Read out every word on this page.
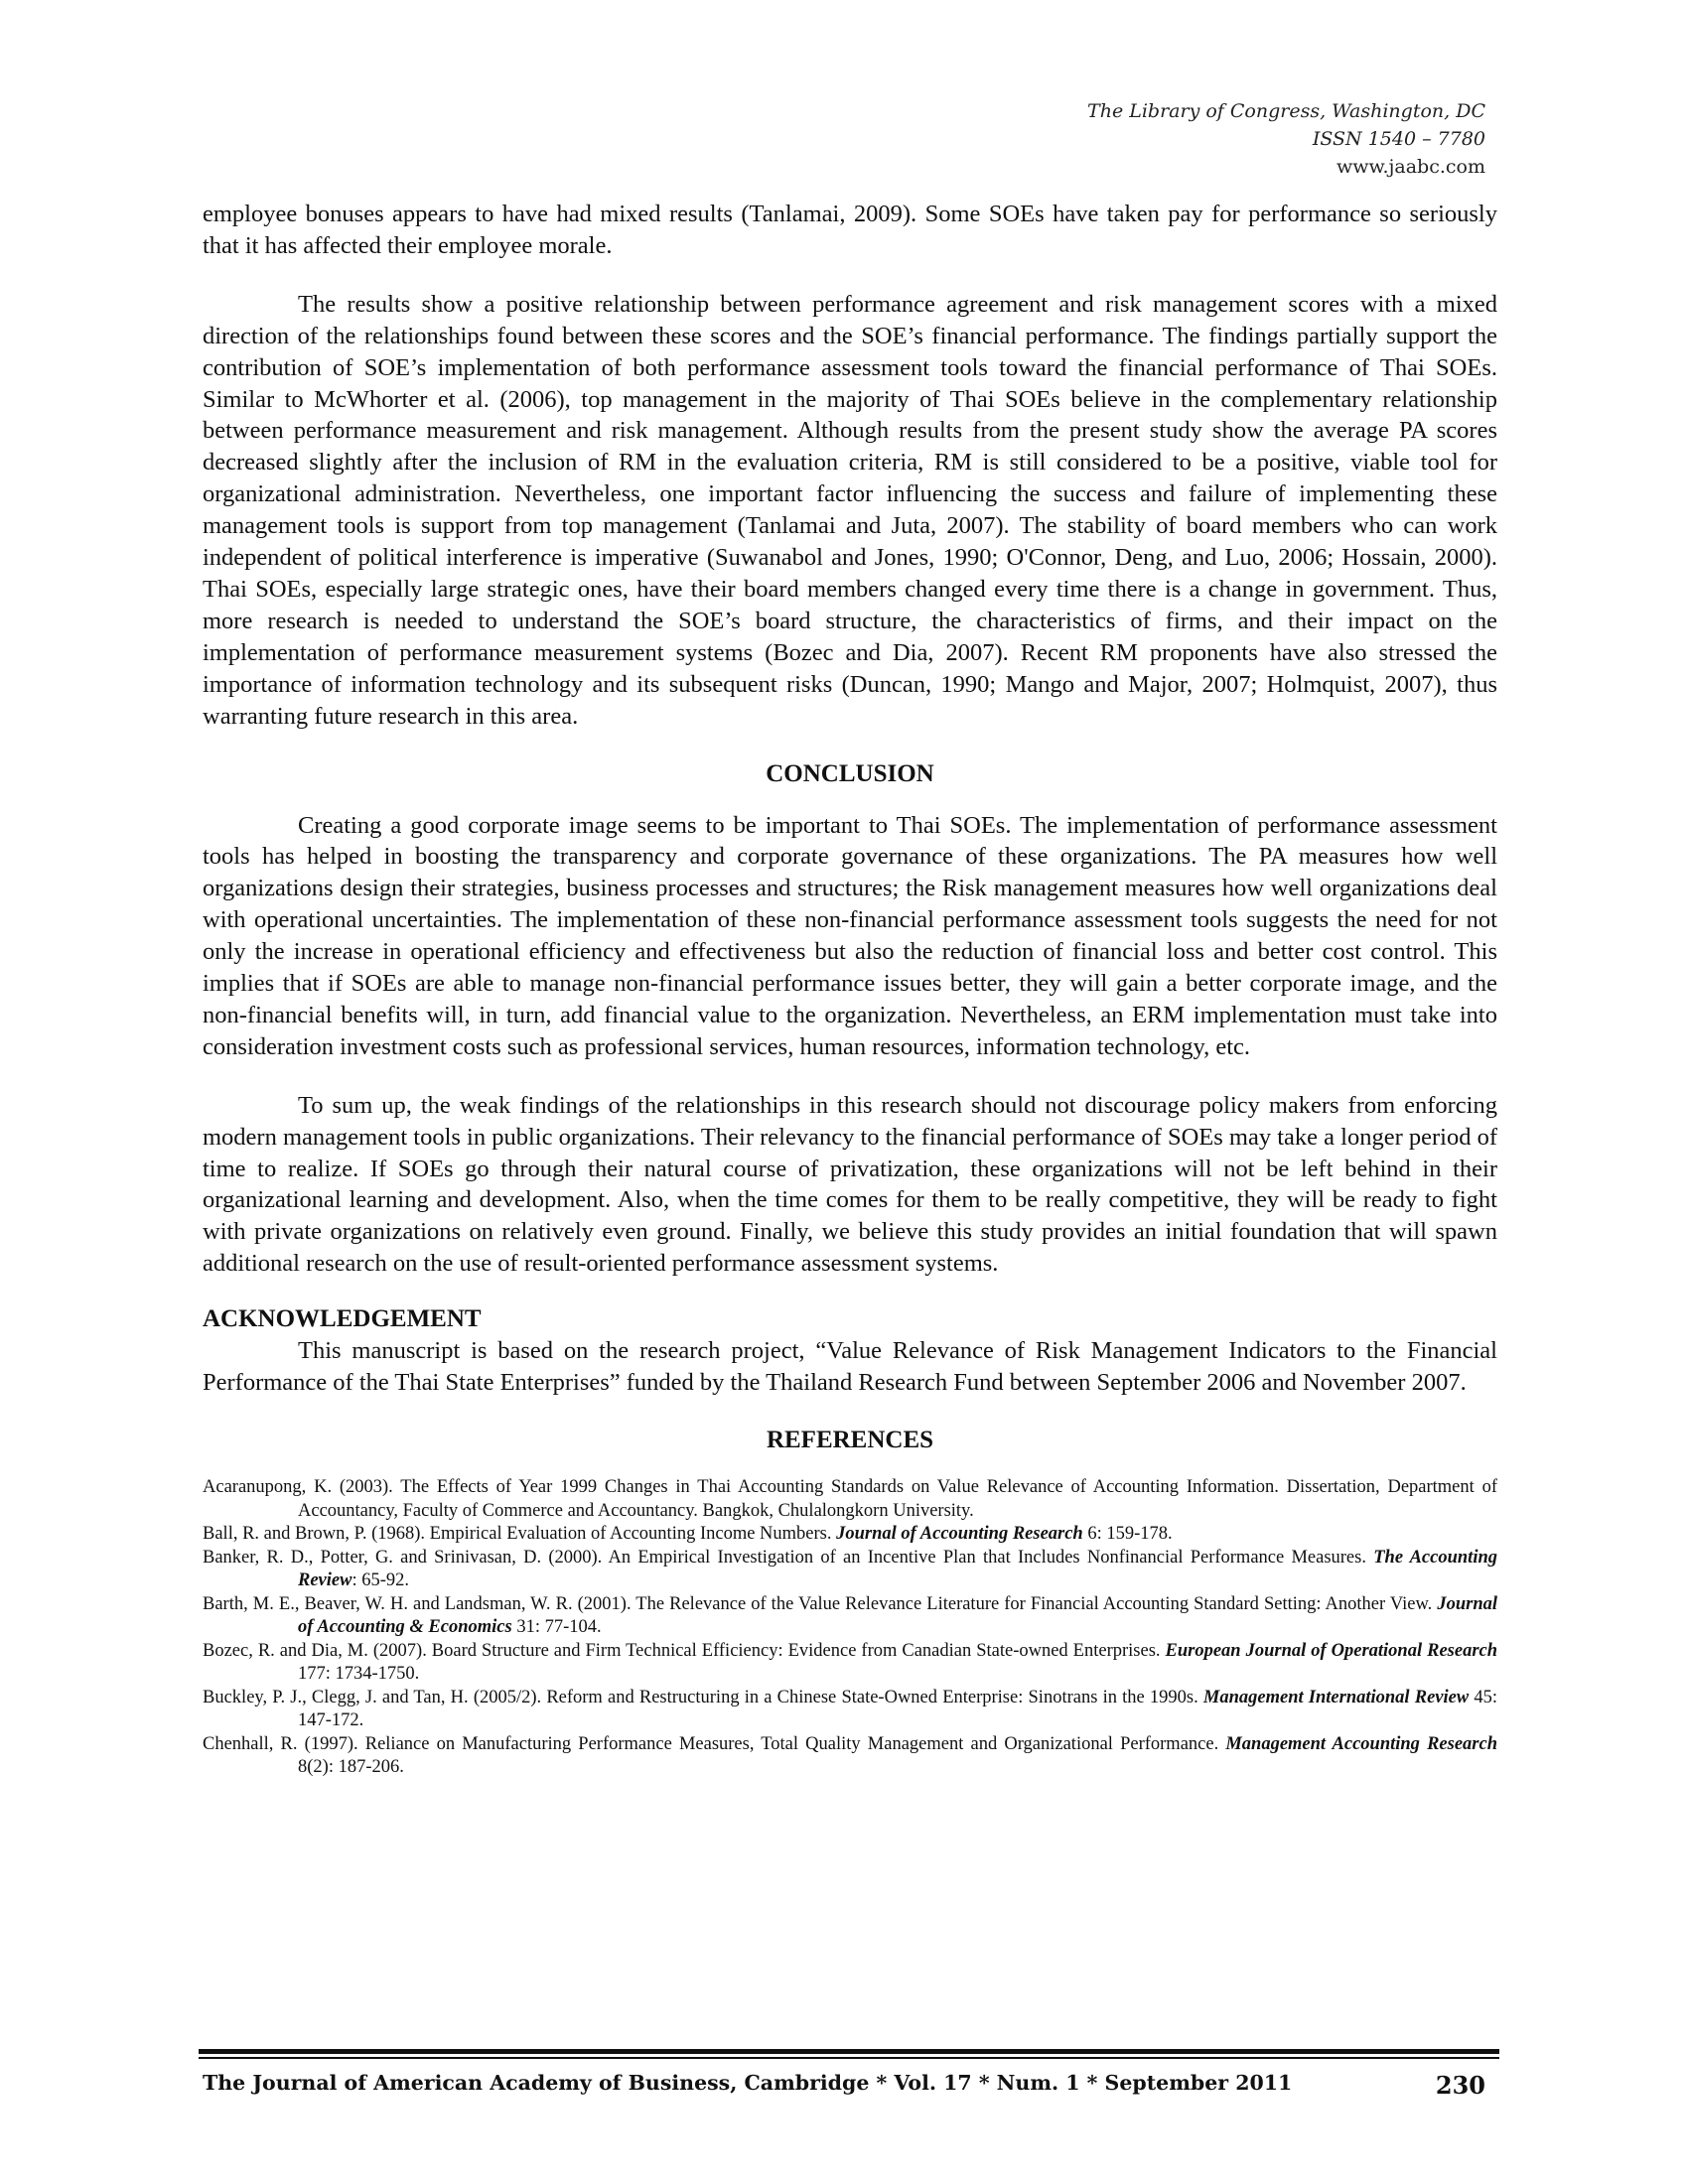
The Library of Congress, Washington, DC
ISSN 1540 – 7780
www.jaabc.com

employee bonuses appears to have had mixed results (Tanlamai, 2009). Some SOEs have taken pay for performance so seriously that it has affected their employee morale.

The results show a positive relationship between performance agreement and risk management scores with a mixed direction of the relationships found between these scores and the SOE’s financial performance. The findings partially support the contribution of SOE’s implementation of both performance assessment tools toward the financial performance of Thai SOEs. Similar to McWhorter et al. (2006), top management in the majority of Thai SOEs believe in the complementary relationship between performance measurement and risk management. Although results from the present study show the average PA scores decreased slightly after the inclusion of RM in the evaluation criteria, RM is still considered to be a positive, viable tool for organizational administration. Nevertheless, one important factor influencing the success and failure of implementing these management tools is support from top management (Tanlamai and Juta, 2007). The stability of board members who can work independent of political interference is imperative (Suwanabol and Jones, 1990; O'Connor, Deng, and Luo, 2006; Hossain, 2000). Thai SOEs, especially large strategic ones, have their board members changed every time there is a change in government. Thus, more research is needed to understand the SOE’s board structure, the characteristics of firms, and their impact on the implementation of performance measurement systems (Bozec and Dia, 2007). Recent RM proponents have also stressed the importance of information technology and its subsequent risks (Duncan, 1990; Mango and Major, 2007; Holmquist, 2007), thus warranting future research in this area.

CONCLUSION

Creating a good corporate image seems to be important to Thai SOEs. The implementation of performance assessment tools has helped in boosting the transparency and corporate governance of these organizations. The PA measures how well organizations design their strategies, business processes and structures; the Risk management measures how well organizations deal with operational uncertainties. The implementation of these non-financial performance assessment tools suggests the need for not only the increase in operational efficiency and effectiveness but also the reduction of financial loss and better cost control. This implies that if SOEs are able to manage non-financial performance issues better, they will gain a better corporate image, and the non-financial benefits will, in turn, add financial value to the organization. Nevertheless, an ERM implementation must take into consideration investment costs such as professional services, human resources, information technology, etc.

To sum up, the weak findings of the relationships in this research should not discourage policy makers from enforcing modern management tools in public organizations. Their relevancy to the financial performance of SOEs may take a longer period of time to realize. If SOEs go through their natural course of privatization, these organizations will not be left behind in their organizational learning and development. Also, when the time comes for them to be really competitive, they will be ready to fight with private organizations on relatively even ground. Finally, we believe this study provides an initial foundation that will spawn additional research on the use of result-oriented performance assessment systems.

ACKNOWLEDGEMENT

This manuscript is based on the research project, “Value Relevance of Risk Management Indicators to the Financial Performance of the Thai State Enterprises” funded by the Thailand Research Fund between September 2006 and November 2007.

REFERENCES

Acaranupong, K. (2003). The Effects of Year 1999 Changes in Thai Accounting Standards on Value Relevance of Accounting Information. Dissertation, Department of Accountancy, Faculty of Commerce and Accountancy. Bangkok, Chulalongkorn University.

Ball, R. and Brown, P. (1968). Empirical Evaluation of Accounting Income Numbers. Journal of Accounting Research 6: 159-178.

Banker, R. D., Potter, G. and Srinivasan, D. (2000). An Empirical Investigation of an Incentive Plan that Includes Nonfinancial Performance Measures. The Accounting Review: 65-92.

Barth, M. E., Beaver, W. H. and Landsman, W. R. (2001). The Relevance of the Value Relevance Literature for Financial Accounting Standard Setting: Another View. Journal of Accounting & Economics 31: 77-104.

Bozec, R. and Dia, M. (2007). Board Structure and Firm Technical Efficiency: Evidence from Canadian State-owned Enterprises. European Journal of Operational Research 177: 1734-1750.

Buckley, P. J., Clegg, J. and Tan, H. (2005/2). Reform and Restructuring in a Chinese State-Owned Enterprise: Sinotrans in the 1990s. Management International Review 45: 147-172.

Chenhall, R. (1997). Reliance on Manufacturing Performance Measures, Total Quality Management and Organizational Performance. Management Accounting Research 8(2): 187-206.

The Journal of American Academy of Business, Cambridge * Vol. 17 * Num. 1 * September 2011	230
